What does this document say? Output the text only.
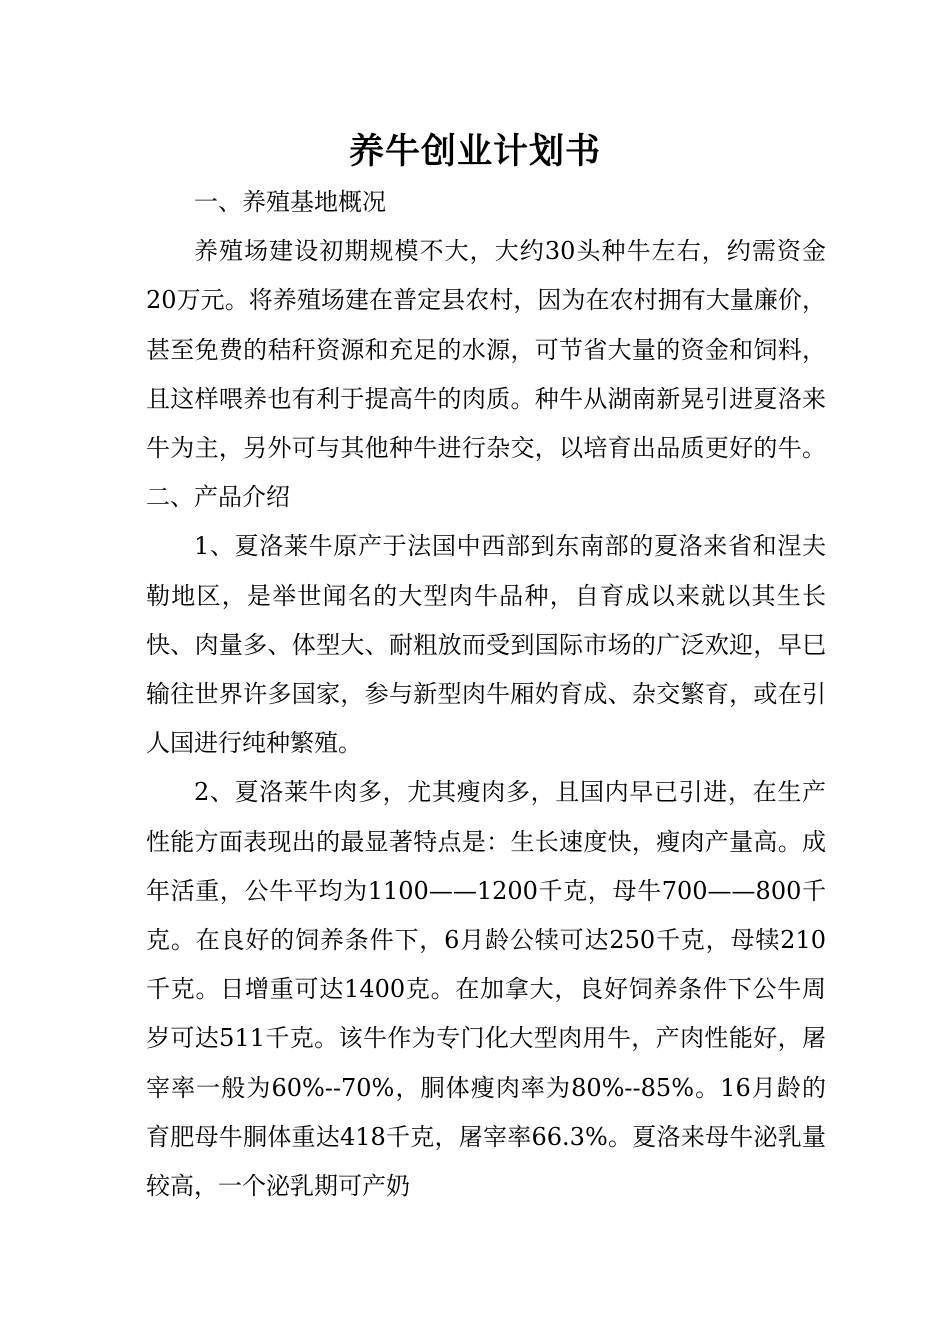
养牛创业计划书

一、养殖基地概况

养殖场建设初期规模不大，大约30头种牛左右，约需资金20万元。将养殖场建在普定县农村，因为在农村拥有大量廉价，甚至免费的秸秆资源和充足的水源，可节省大量的资金和饲料，且这样喂养也有利于提高牛的肉质。种牛从湖南新晃引进夏洛来牛为主，另外可与其他种牛进行杂交，以培育出品质更好的牛。二、产品介绍

1、夏洛莱牛原产于法国中西部到东南部的夏洛来省和涅夫勒地区，是举世闻名的大型肉牛品种，自育成以来就以其生长快、肉量多、体型大、耐粗放而受到国际市场的广泛欢迎，早巳输往世界许多国家，参与新型肉牛厢妁育成、杂交繁育，或在引人国进行纯种繁殖。

2、夏洛莱牛肉多，尤其瘦肉多，且国内早已引进，在生产性能方面表现出的最显著特点是：生长速度快，瘦肉产量高。成年活重，公牛平均为1100——1200千克，母牛700——800千克。在良好的饲养条件下，6月龄公犊可达250千克，母犊210千克。日增重可达1400克。在加拿大，良好饲养条件下公牛周岁可达511千克。该牛作为专门化大型肉用牛，产肉性能好，屠宰率一般为60%--70%，胴体瘦肉率为80%--85%。16月龄的育肥母牛胴体重达418千克，屠宰率66.3%。夏洛来母牛泌乳量较高，一个泌乳期可产奶
